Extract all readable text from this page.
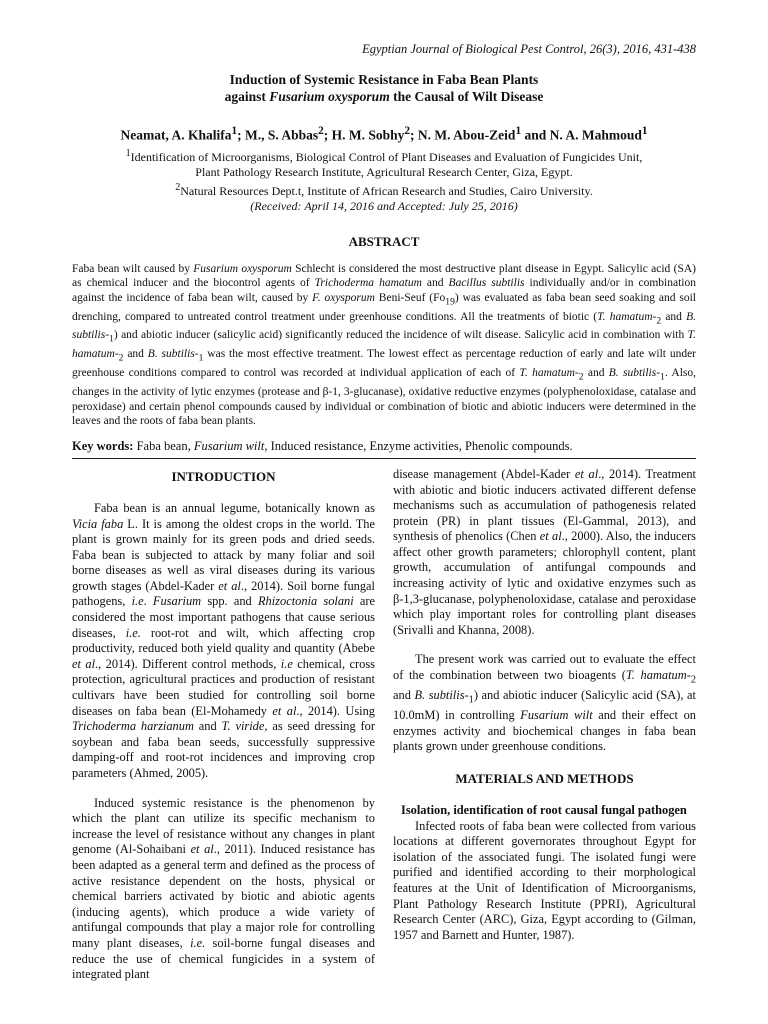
Egyptian Journal of Biological Pest Control, 26(3), 2016, 431-438

Induction of Systemic Resistance in Faba Bean Plants
against Fusarium oxysporum the Causal of Wilt Disease

Neamat, A. Khalifa$^1$; M., S. Abbas$^2$; H. M. Sobhy$^2$; N. M. Abou-Zeid$^1$ and N. A. Mahmoud$^1$

$^1$Identification of Microorganisms, Biological Control of Plant Diseases and Evaluation of Fungicides Unit,

Plant Pathology Research Institute, Agricultural Research Center, Giza, Egypt.

$^2$Natural Resources Dept.t, Institute of African Research and Studies, Cairo University.

(Received: April 14, 2016 and Accepted: July 25, 2016)

ABSTRACT

Faba bean wilt caused by Fusarium oxysporum Schlecht is considered the most destructive plant disease in Egypt. Salicylic acid (SA) as chemical inducer and the biocontrol agents of Trichoderma hamatum and Bacillus subtilis individually and/or in combination against the incidence of faba bean wilt, caused by F. oxysporum Beni-Seuf $(Fo_{19})$ was evaluated as faba bean seed soaking and soil drenching, compared to untreated control treatment under greenhouse conditions. All the treatments of biotic (T. hamatum-$_2$ and B. subtilis-$_1$) and abiotic inducer (salicylic acid) significantly reduced the incidence of wilt disease. Salicylic acid in combination with T. hamatum-$_2$ and B. subtilis-$_1$ was the most effective treatment. The lowest effect as percentage reduction of early and late wilt under greenhouse conditions compared to control was recorded at individual application of each of T. hamatum-$_2$ and B. subtilis-$_1$. Also, changes in the activity of lytic enzymes (protease and β-1, 3-glucanase), oxidative reductive enzymes (polyphenoloxidase, catalase and peroxidase) and certain phenol compounds caused by individual or combination of biotic and abiotic inducers were determined in the leaves and the roots of faba bean plants.

Key words: Faba bean, Fusarium wilt, Induced resistance, Enzyme activities, Phenolic compounds.

INTRODUCTION

Faba bean is an annual legume, botanically known as Vicia faba L. It is among the oldest crops in the world. The plant is grown mainly for its green pods and dried seeds. Faba bean is subjected to attack by many foliar and soil borne diseases as well as viral diseases during its various growth stages (Abdel-Kader et al., 2014). Soil borne fungal pathogens, i.e. Fusarium spp. and Rhizoctonia solani are considered the most important pathogens that cause serious diseases, i.e. root-rot and wilt, which affecting crop productivity, reduced both yield quality and quantity (Abebe et al., 2014). Different control methods, i.e chemical, cross protection, agricultural practices and production of resistant cultivars have been studied for controlling soil borne diseases on faba bean (El-Mohamedy et al., 2014). Using Trichoderma harzianum and T. viride, as seed dressing for soybean and faba bean seeds, successfully suppressive damping-off and root-rot incidences and improving crop parameters (Ahmed, 2005).

Induced systemic resistance is the phenomenon by which the plant can utilize its specific mechanism to increase the level of resistance without any changes in plant genome (Al-Sohaibani et al., 2011). Induced resistance has been adapted as a general term and defined as the process of active resistance dependent on the hosts, physical or chemical barriers activated by biotic and abiotic agents (inducing agents), which produce a wide variety of antifungal compounds that play a major role for controlling many plant diseases, i.e. soil-borne fungal diseases and reduce the use of chemical fungicides in a system of integrated plant

disease management (Abdel-Kader et al., 2014). Treatment with abiotic and biotic inducers activated different defense mechanisms such as accumulation of pathogenesis related protein (PR) in plant tissues (El-Gammal, 2013), and synthesis of phenolics (Chen et al., 2000). Also, the inducers affect other growth parameters; chlorophyll content, plant growth, accumulation of antifungal compounds and increasing activity of lytic and oxidative enzymes such as β-1,3-glucanase, polyphenoloxidase, catalase and peroxidase which play important roles for controlling plant diseases (Srivalli and Khanna, 2008).

The present work was carried out to evaluate the effect of the combination between two bioagents (T. hamatum-$_2$ and B. subtilis-$_1$) and abiotic inducer (Salicylic acid (SA), at 10.0mM) in controlling Fusarium wilt and their effect on enzymes activity and biochemical changes in faba bean plants grown under greenhouse conditions.

MATERIALS AND METHODS

Isolation, identification of root causal fungal pathogen

Infected roots of faba bean were collected from various locations at different governorates throughout Egypt for isolation of the associated fungi. The isolated fungi were purified and identified according to their morphological features at the Unit of Identification of Microorganisms, Plant Pathology Research Institute (PPRI), Agricultural Research Center (ARC), Giza, Egypt according to (Gilman, 1957 and Barnett and Hunter, 1987).
